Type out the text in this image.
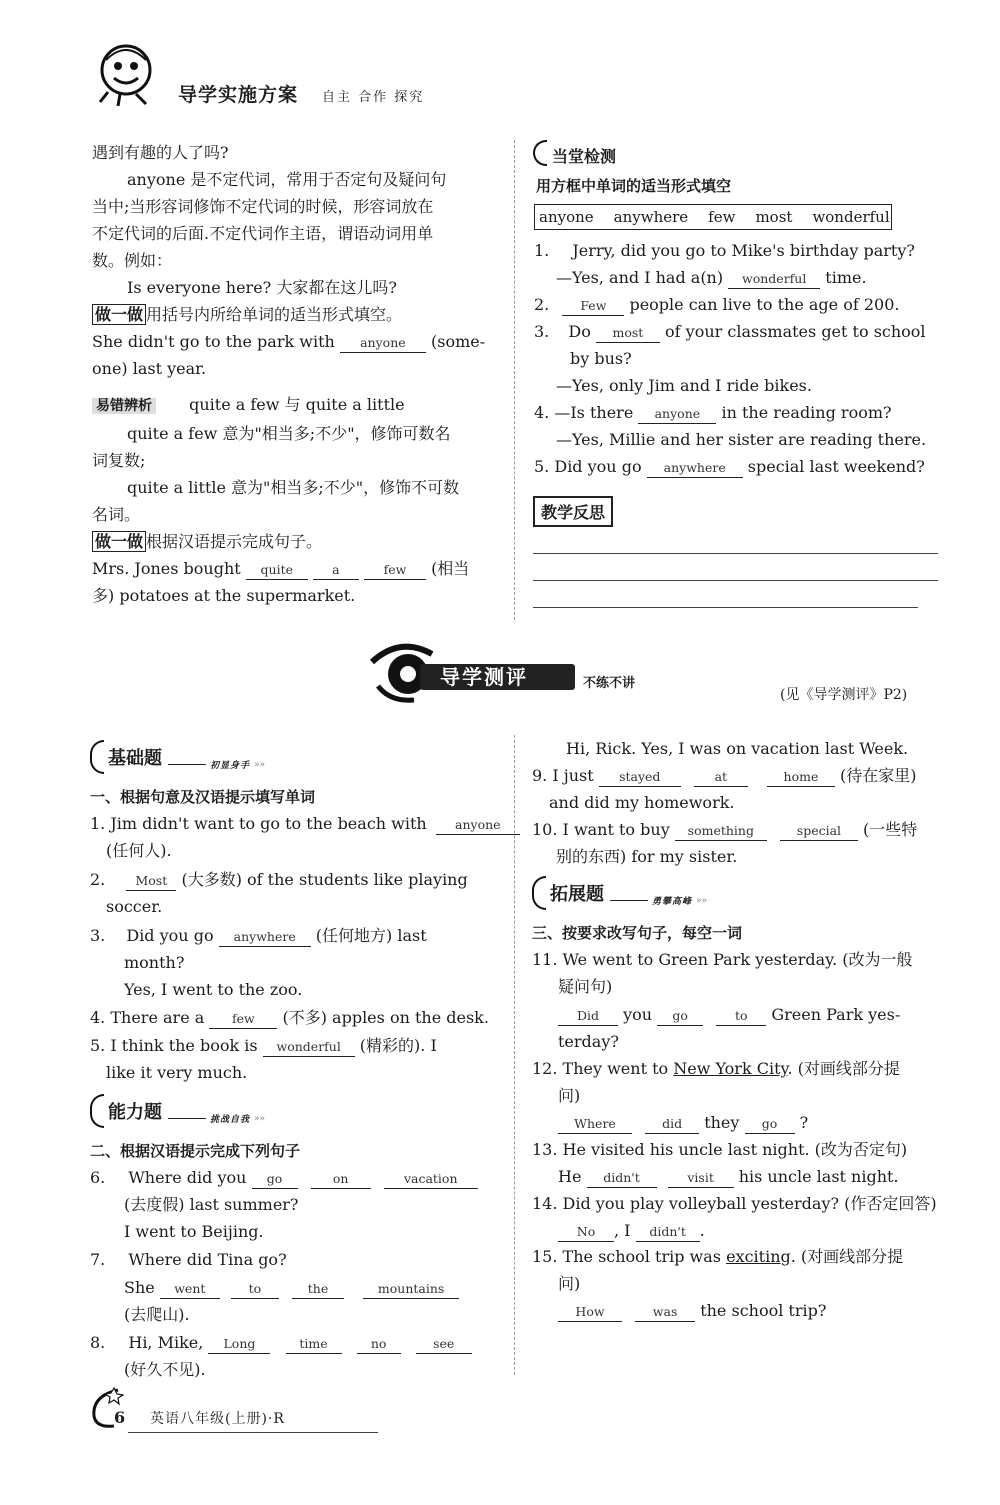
导学实施方案 自主 合作 探究
遇到有趣的人了吗?
anyone 是不定代词，常用于否定句及疑问句
当中;当形容词修饰不定代词的时候，形容词放在
不定代词的后面.不定代词作主语，谓语动词用单
数。例如：
Is everyone here? 大家都在这儿吗?
做一做 用括号内所给单词的适当形式填空。
She didn't go to the park with anyone (some-
one) last year.
易错辨析 quite a few 与 quite a little
quite a few 意为"相当多;不少"，修饰可数名
词复数;
quite a little 意为"相当多;不少"，修饰不可数
名词。
做一做 根据汉语提示完成句子。
Mrs. Jones bought quite	a	few (相当
多) potatoes at the supermarket.
当堂检测
用方框中单词的适当形式填空
anyone anywhere few most wonderful
1. Jerry, did you go to Mike's birthday party?
—Yes, and I had a(n) wonderful time.
2. Few people can live to the age of 200.
3. Do most of your classmates get to school
by bus?
—Yes, only Jim and I ride bikes.
4. —Is there anyone in the reading room?
—Yes, Millie and her sister are reading there.
5. Did you go anywhere special last weekend?
教学反思
导学测评	不练不讲
(见《导学测评》P2)
基础题	初显身手 »»
一、根据句意及汉语提示填写单词
1. Jim didn't want to go to the beach with anyone
(任何人).
2. Most (大多数) of the students like playing
soccer.
3. Did you go anywhere (任何地方) last
month?
Yes, I went to the zoo.
4. There are a few (不多) apples on the desk.
5. I think the book is wonderful (精彩的). I
like it very much.
能力题	挑战自我 »»
二、根据汉语提示完成下列句子
6. Where did you go	on	vacation
(去度假) last summer?
I went to Beijing.
7. Where did Tina go?
She went	to	the	mountains
(去爬山).
8. Hi, Mike, Long	time	no	see
(好久不见).
Hi, Rick. Yes, I was on vacation last Week.
9. I just stayed	at	home (待在家里)
and did my homework.
10. I want to buy something	special (一些特
别的东西) for my sister.
拓展题	勇攀高峰 »»
三、按要求改写句子，每空一词
11. We went to Green Park yesterday. (改为一般
疑问句)
Did you go	to Green Park yes-
terday?
12. They went to New York City. (对画线部分提
问)
Where	did they go ?
13. He visited his uncle last night. (改为否定句)
He didn't	visit his uncle last night.
14. Did you play volleyball yesterday? (作否定回答)
No , I didn't .
15. The school trip was exciting. (对画线部分提
问)
How	was the school trip?
6 英语八年级(上册)·R
